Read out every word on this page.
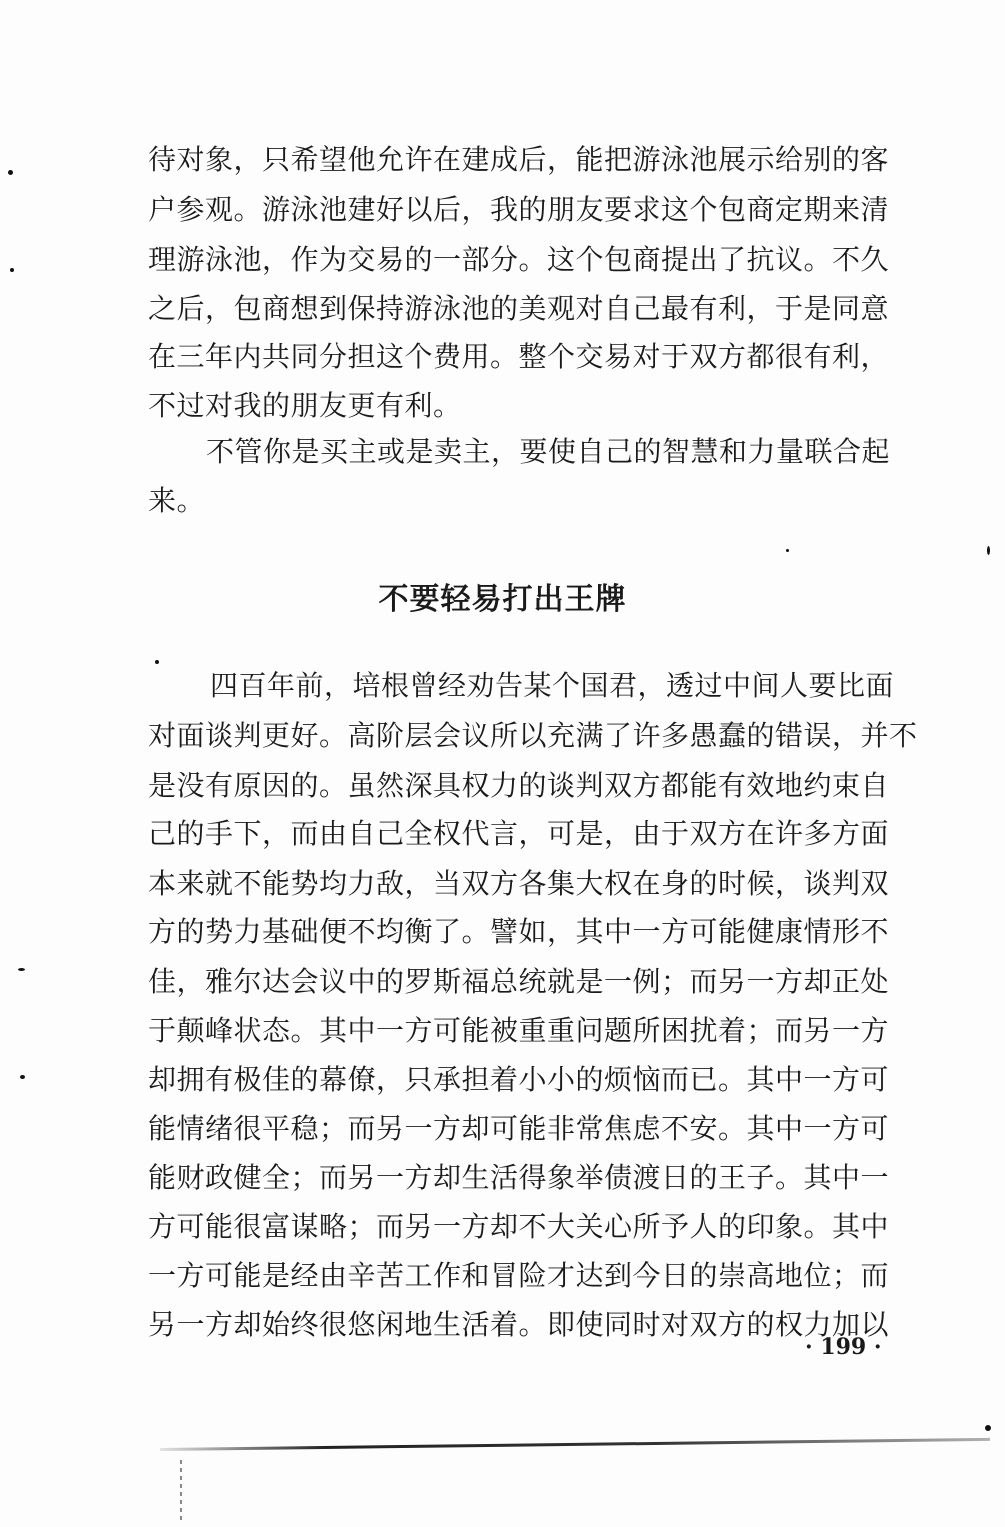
待对象，只希望他允许在建成后，能把游泳池展示给别的客
户参观。游泳池建好以后，我的朋友要求这个包商定期来清
理游泳池，作为交易的一部分。这个包商提出了抗议。不久
之后，包商想到保持游泳池的美观对自己最有利，于是同意
在三年内共同分担这个费用。整个交易对于双方都很有利，
不过对我的朋友更有利。
不管你是买主或是卖主，要使自己的智慧和力量联合起
来。
不要轻易打出王牌
四百年前，培根曾经劝告某个国君，透过中间人要比面
对面谈判更好。高阶层会议所以充满了许多愚蠢的错误，并不
是没有原因的。虽然深具权力的谈判双方都能有效地约束自
己的手下，而由自己全权代言，可是，由于双方在许多方面
本来就不能势均力敌，当双方各集大权在身的时候，谈判双
方的势力基础便不均衡了。譬如，其中一方可能健康情形不
佳，雅尔达会议中的罗斯福总统就是一例；而另一方却正处
于颠峰状态。其中一方可能被重重问题所困扰着；而另一方
却拥有极佳的幕僚，只承担着小小的烦恼而已。其中一方可
能情绪很平稳；而另一方却可能非常焦虑不安。其中一方可
能财政健全；而另一方却生活得象举债渡日的王子。其中一
方可能很富谋略；而另一方却不大关心所予人的印象。其中
一方可能是经由辛苦工作和冒险才达到今日的崇高地位；而
另一方却始终很悠闲地生活着。即使同时对双方的权力加以
· 199 ·
